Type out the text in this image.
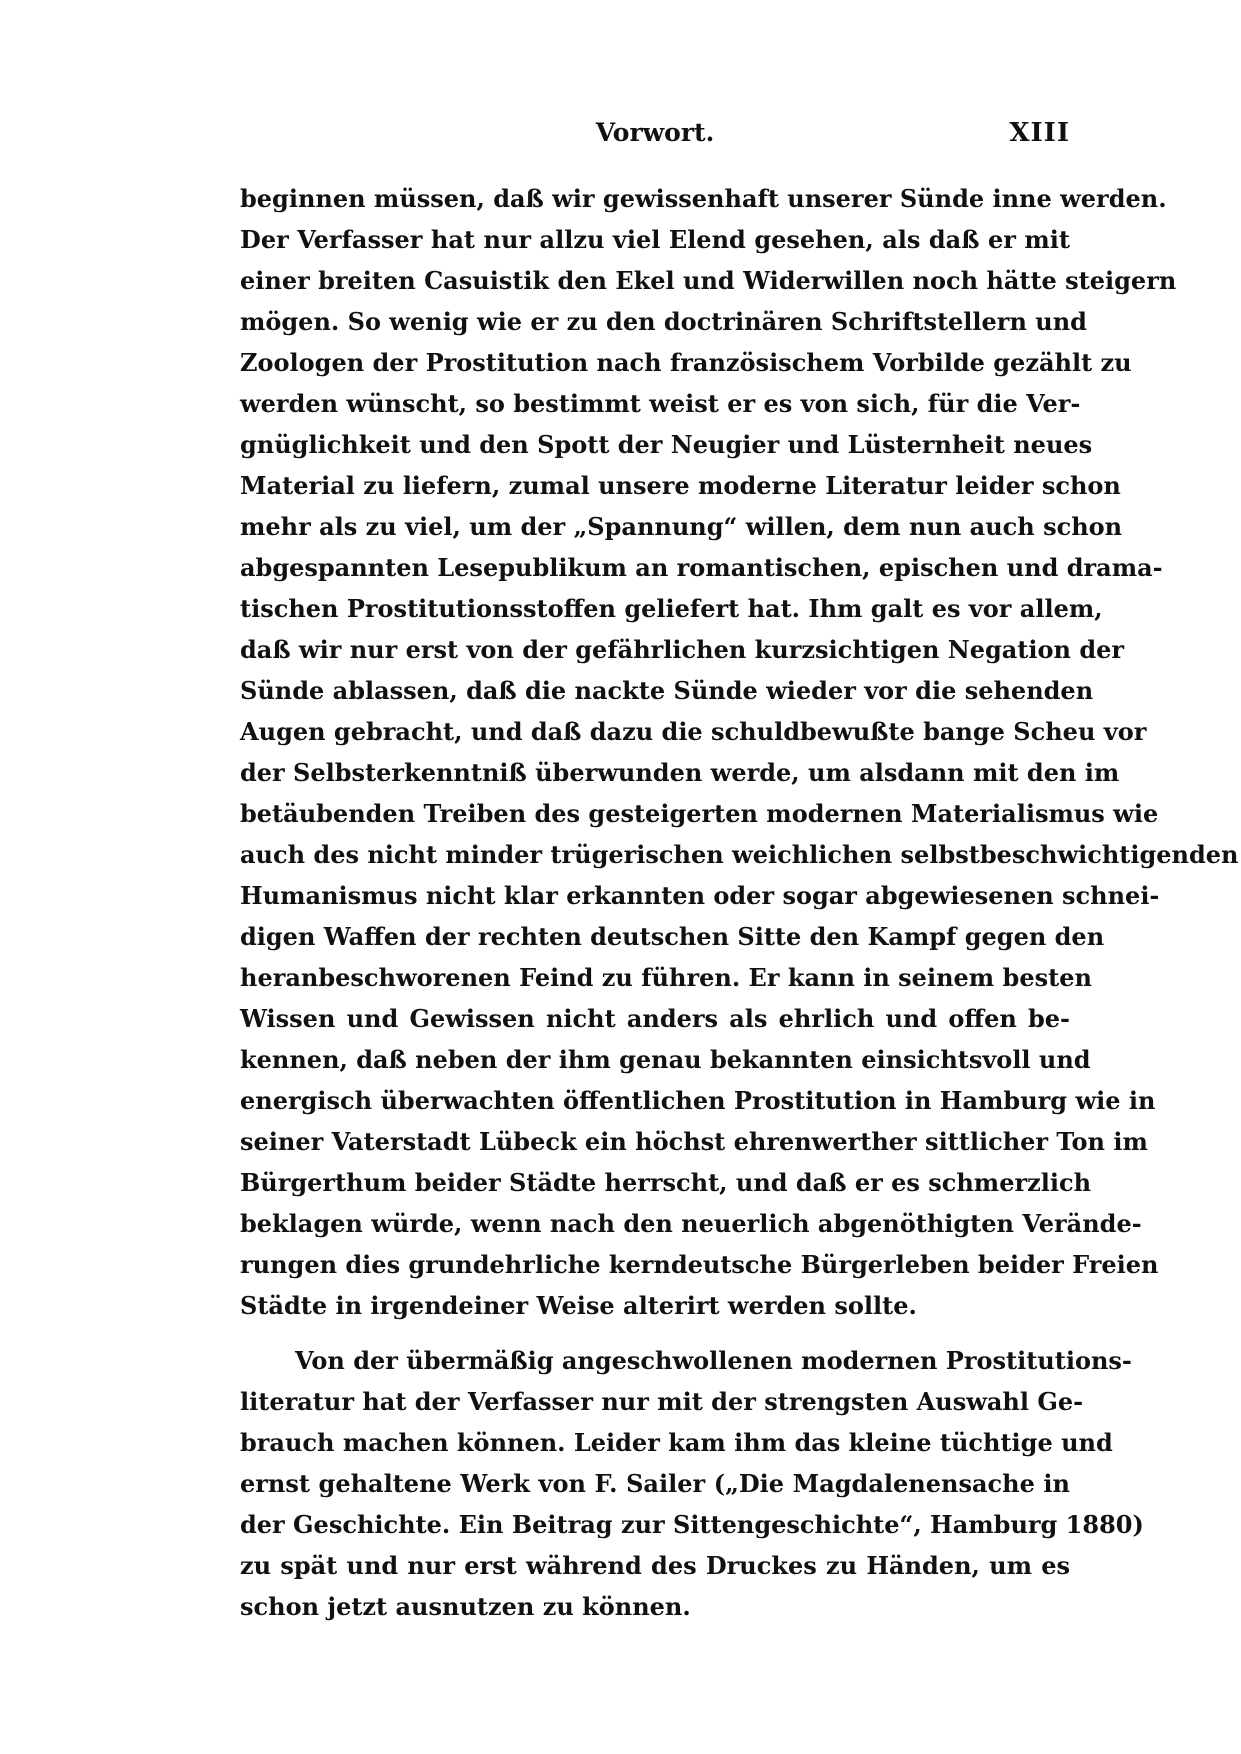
Vorwort.	XIII
beginnen müssen, daß wir gewissenhaft unserer Sünde inne werden.
Der Verfasser hat nur allzu viel Elend gesehen, als daß er mit
einer breiten Casuistik den Ekel und Widerwillen noch hätte steigern
mögen. So wenig wie er zu den doctrinären Schriftstellern und
Zoologen der Prostitution nach französischem Vorbilde gezählt zu
werden wünscht, so bestimmt weist er es von sich, für die Ver-
gnüglichkeit und den Spott der Neugier und Lüsternheit neues
Material zu liefern, zumal unsere moderne Literatur leider schon
mehr als zu viel, um der „Spannung“ willen, dem nun auch schon
abgespannten Lesepublikum an romantischen, epischen und drama-
tischen Prostitutionsstoffen geliefert hat. Ihm galt es vor allem,
daß wir nur erst von der gefährlichen kurzsichtigen Negation der
Sünde ablassen, daß die nackte Sünde wieder vor die sehenden
Augen gebracht, und daß dazu die schuldbewußte bange Scheu vor
der Selbsterkenntniß überwunden werde, um alsdann mit den im
betäubenden Treiben des gesteigerten modernen Materialismus wie
auch des nicht minder trügerischen weichlichen selbstbeschwichtigenden
Humanismus nicht klar erkannten oder sogar abgewiesenen schnei-
digen Waffen der rechten deutschen Sitte den Kampf gegen den
heranbeschworenen Feind zu führen. Er kann in seinem besten
Wissen und Gewissen nicht anders als ehrlich und offen be-
kennen, daß neben der ihm genau bekannten einsichtsvoll und
energisch überwachten öffentlichen Prostitution in Hamburg wie in
seiner Vaterstadt Lübeck ein höchst ehrenwerther sittlicher Ton im
Bürgerthum beider Städte herrscht, und daß er es schmerzlich
beklagen würde, wenn nach den neuerlich abgenöthigten Verände-
rungen dies grundehrliche kerndeutsche Bürgerleben beider Freien
Städte in irgendeiner Weise alterirt werden sollte.
Von der übermäßig angeschwollenen modernen Prostitutions-
literatur hat der Verfasser nur mit der strengsten Auswahl Ge-
brauch machen können. Leider kam ihm das kleine tüchtige und
ernst gehaltene Werk von F. Sailer („Die Magdalenensache in
der Geschichte. Ein Beitrag zur Sittengeschichte“, Hamburg 1880)
zu spät und nur erst während des Druckes zu Händen, um es
schon jetzt ausnutzen zu können.
